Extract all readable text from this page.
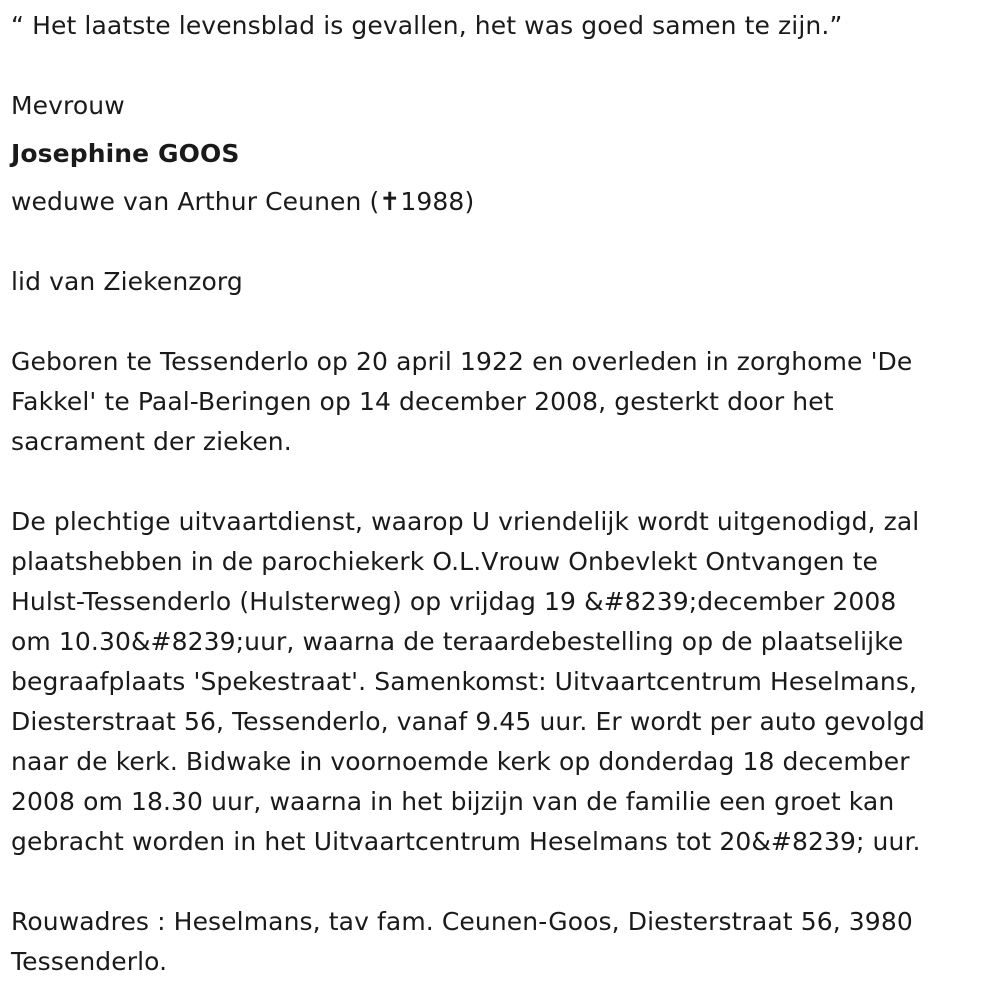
“ Het laatste levensblad is gevallen, het was goed samen te zijn.”
Mevrouw
Josephine GOOS
weduwe van Arthur Ceunen (✝1988)
lid van Ziekenzorg
Geboren te Tessenderlo op 20 april 1922 en overleden in zorghome 'De
Fakkel' te Paal-Beringen op 14 december 2008, gesterkt door het
sacrament der zieken.
De plechtige uitvaartdienst, waarop U vriendelijk wordt uitgenodigd, zal
plaatshebben in de parochiekerk O.L.Vrouw Onbevlekt Ontvangen te
Hulst-Tessenderlo (Hulsterweg) op vrijdag 19 &#8239;december 2008
om 10.30&#8239;uur, waarna de teraardebestelling op de plaatselijke
begraafplaats 'Spekestraat'. Samenkomst: Uitvaartcentrum Heselmans,
Diesterstraat 56, Tessenderlo, vanaf 9.45 uur. Er wordt per auto gevolgd
naar de kerk. Bidwake in voornoemde kerk op donderdag 18 december
2008 om 18.30 uur, waarna in het bijzijn van de familie een groet kan
gebracht worden in het Uitvaartcentrum Heselmans tot 20&#8239; uur.
Rouwadres : Heselmans, tav fam. Ceunen-Goos, Diesterstraat 56, 3980
Tessenderlo.
